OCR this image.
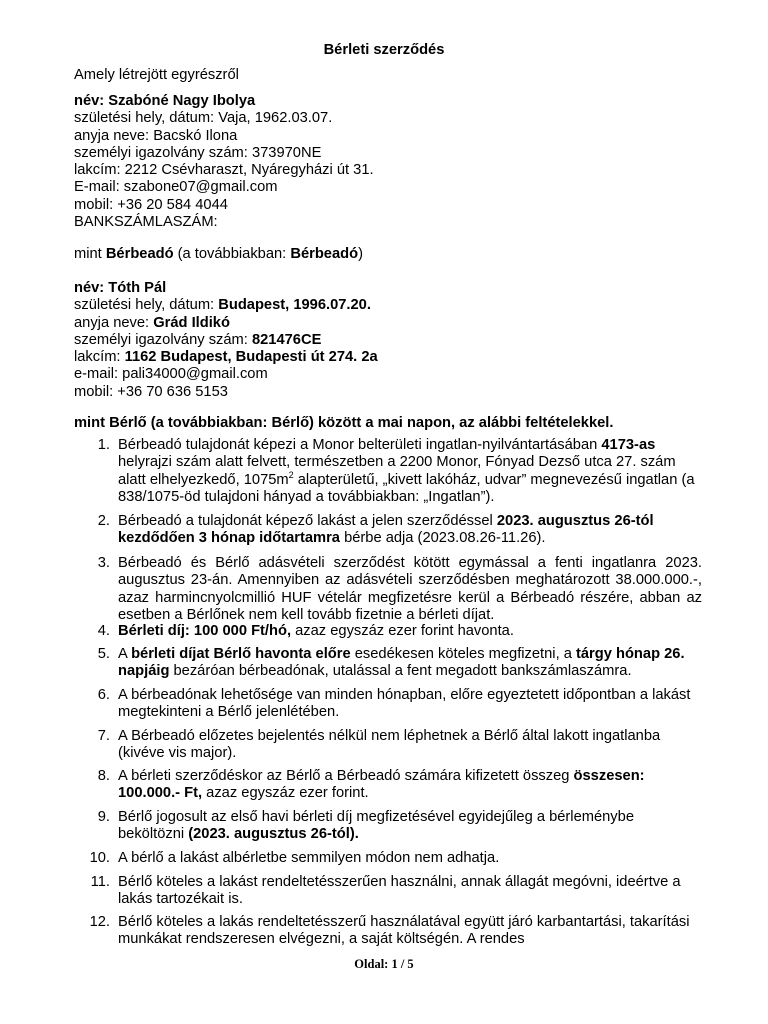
Bérleti szerződés
Amely létrejött egyrészről
név: Szabóné Nagy Ibolya
születési hely, dátum: Vaja, 1962.03.07.
anyja neve: Bacskó Ilona
személyi igazolvány szám: 373970NE
lakcím: 2212 Csévharaszt, Nyáregyházi út 31.
E-mail: szabone07@gmail.com
mobil: +36 20 584 4044
BANKSZÁMLASZÁM:
mint Bérbeadó (a továbbiakban: Bérbeadó)
név: Tóth Pál
születési hely, dátum: Budapest, 1996.07.20.
anyja neve: Grád Ildikó
személyi igazolvány szám: 821476CE
lakcím: 1162 Budapest, Budapesti út 274. 2a
e-mail: pali34000@gmail.com
mobil: +36 70 636 5153
mint Bérlő (a továbbiakban: Bérlő) között a mai napon, az alábbi feltételekkel.
1. Bérbeadó tulajdonát képezi a Monor belterületi ingatlan-nyilvántartásában 4173-as helyrajzi szám alatt felvett, természetben a 2200 Monor, Fónyad Dezső utca 27. szám alatt elhelyezkedő, $1075m^2$ alapterületű, „kivett lakóház, udvar” megnevezésű ingatlan (a 838/1075-öd tulajdoni hányad a továbbiakban: „Ingatlan”).
2. Bérbeadó a tulajdonát képező lakást a jelen szerződéssel 2023. augusztus 26-tól kezdődően 3 hónap időtartamra bérbe adja (2023.08.26-11.26).
3. Bérbeadó és Bérlő adásvételi szerződést kötött egymással a fenti ingatlanra 2023. augusztus 23-án. Amennyiben az adásvételi szerződésben meghatározott 38.000.000.-, azaz harmincnyolcmillió HUF vételár megfizetésre kerül a Bérbeadó részére, abban az esetben a Bérlőnek nem kell tovább fizetnie a bérleti díjat.
4. Bérleti díj: 100 000 Ft/hó, azaz egyszáz ezer forint havonta.
5. A bérleti díjat Bérlő havonta előre esedékesen köteles megfizetni, a tárgy hónap 26. napjáig bezáróan bérbeadónak, utalással a fent megadott bankszámlaszámra.
6. A bérbeadónak lehetősége van minden hónapban, előre egyeztetett időpontban a lakást megtekinteni a Bérlő jelenlétében.
7. A Bérbeadó előzetes bejelentés nélkül nem léphetnek a Bérlő által lakott ingatlanba (kivéve vis major).
8. A bérleti szerződéskor az Bérlő a Bérbeadó számára kifizetett összeg összesen: 100.000.- Ft, azaz egyszáz ezer forint.
9. Bérlő jogosult az első havi bérleti díj megfizetésével egyidejűleg a bérleménybe beköltözni (2023. augusztus 26-tól).
10. A bérlő a lakást albérletbe semmilyen módon nem adhatja.
11. Bérlő köteles a lakást rendeltetésszerűen használni, annak állagát megóvni, ideértve a lakás tartozékait is.
12. Bérlő köteles a lakás rendeltetésszerű használatával együtt járó karbantartási, takarítási munkákat rendszeresen elvégezni, a saját költségén. A rendes
Oldal: 1 / 5
